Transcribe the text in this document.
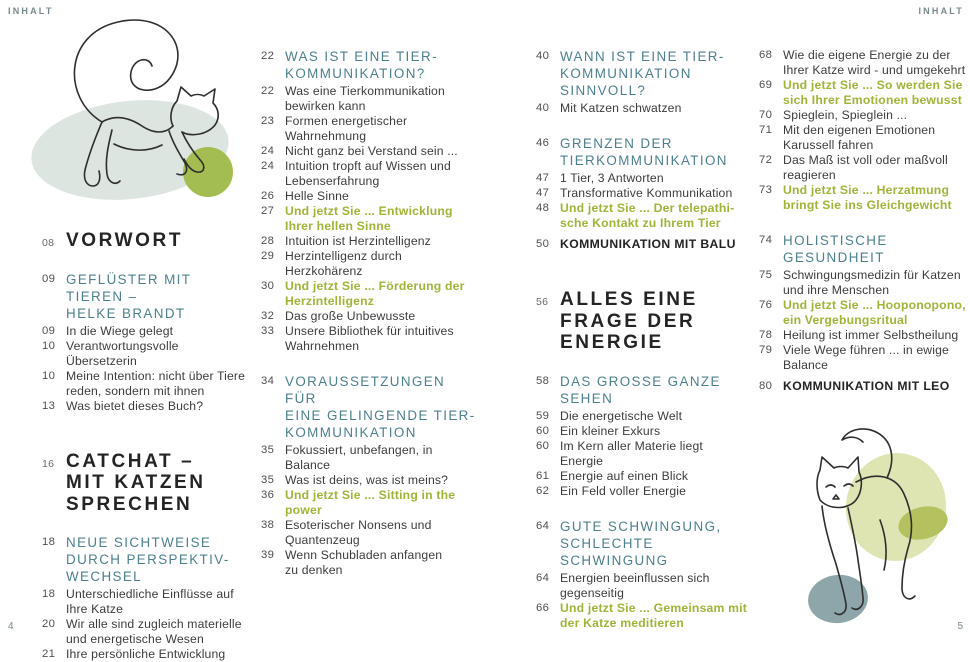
INHALT	INHALT
08 VORWORT
09 GEFLÜSTER MIT TIEREN –
HELKE BRANDT
09 In die Wiege gelegt
10 Verantwortungsvolle Übersetzerin
10 Meine Intention: nicht über Tiere
reden, sondern mit ihnen
13 Was bietet dieses Buch?
16 CATCHAT –
MIT KATZEN
SPRECHEN
18 NEUE SICHTWEISE
DURCH PERSPEKTIV-
WECHSEL
18 Unterschiedliche Einflüsse auf
Ihre Katze
20 Wir alle sind zugleich materielle
und energetische Wesen
21 Ihre persönliche Entwicklung
22 WAS IST EINE TIER-
KOMMUNIKATION?
22 Was eine Tierkommunikation
bewirken kann
23 Formen energetischer
Wahrnehmung
24 Nicht ganz bei Verstand sein ...
24 Intuition tropft auf Wissen und
Lebenserfahrung
26 Helle Sinne
27 Und jetzt Sie ... Entwicklung
Ihrer hellen Sinne
28 Intuition ist Herzintelligenz
29 Herzintelligenz durch
Herzkohärenz
30 Und jetzt Sie ... Förderung der
Herzintelligenz
32 Das große Unbewusste
33 Unsere Bibliothek für intuitives
Wahrnehmen
34 VORAUSSETZUNGEN FÜR
EINE GELINGENDE TIER-
KOMMUNIKATION
35 Fokussiert, unbefangen, in
Balance
35 Was ist deins, was ist meins?
36 Und jetzt Sie ... Sitting in the
power
38 Esoterischer Nonsens und
Quantenzeug
39 Wenn Schubladen anfangen
zu denken
40 WANN IST EINE TIER-
KOMMUNIKATION
SINNVOLL?
40 Mit Katzen schwatzen
46 GRENZEN DER
TIERKOMMUNIKATION
47 1 Tier, 3 Antworten
47 Transformative Kommunikation
48 Und jetzt Sie ... Der telepathi-
sche Kontakt zu Ihrem Tier
50 KOMMUNIKATION MIT BALU
56 ALLES EINE
FRAGE DER
ENERGIE
58 DAS GROSSE GANZE
SEHEN
59 Die energetische Welt
60 Ein kleiner Exkurs
60 Im Kern aller Materie liegt
Energie
61 Energie auf einen Blick
62 Ein Feld voller Energie
64 GUTE SCHWINGUNG,
SCHLECHTE
SCHWINGUNG
64 Energien beeinflussen sich
gegenseitig
66 Und jetzt Sie ... Gemeinsam mit
der Katze meditieren
68 Wie die eigene Energie zu der
Ihrer Katze wird - und umgekehrt
69 Und jetzt Sie ... So werden Sie
sich Ihrer Emotionen bewusst
70 Spieglein, Spieglein ...
71 Mit den eigenen Emotionen
Karussell fahren
72 Das Maß ist voll oder maßvoll
reagieren
73 Und jetzt Sie ... Herzatmung
bringt Sie ins Gleichgewicht
74 HOLISTISCHE
GESUNDHEIT
75 Schwingungsmedizin für Katzen
und ihre Menschen
76 Und jetzt Sie ... Hooponopono,
ein Vergebungsritual
78 Heilung ist immer Selbstheilung
79 Viele Wege führen ... in ewige
Balance
80 KOMMUNIKATION MIT LEO
4	5
